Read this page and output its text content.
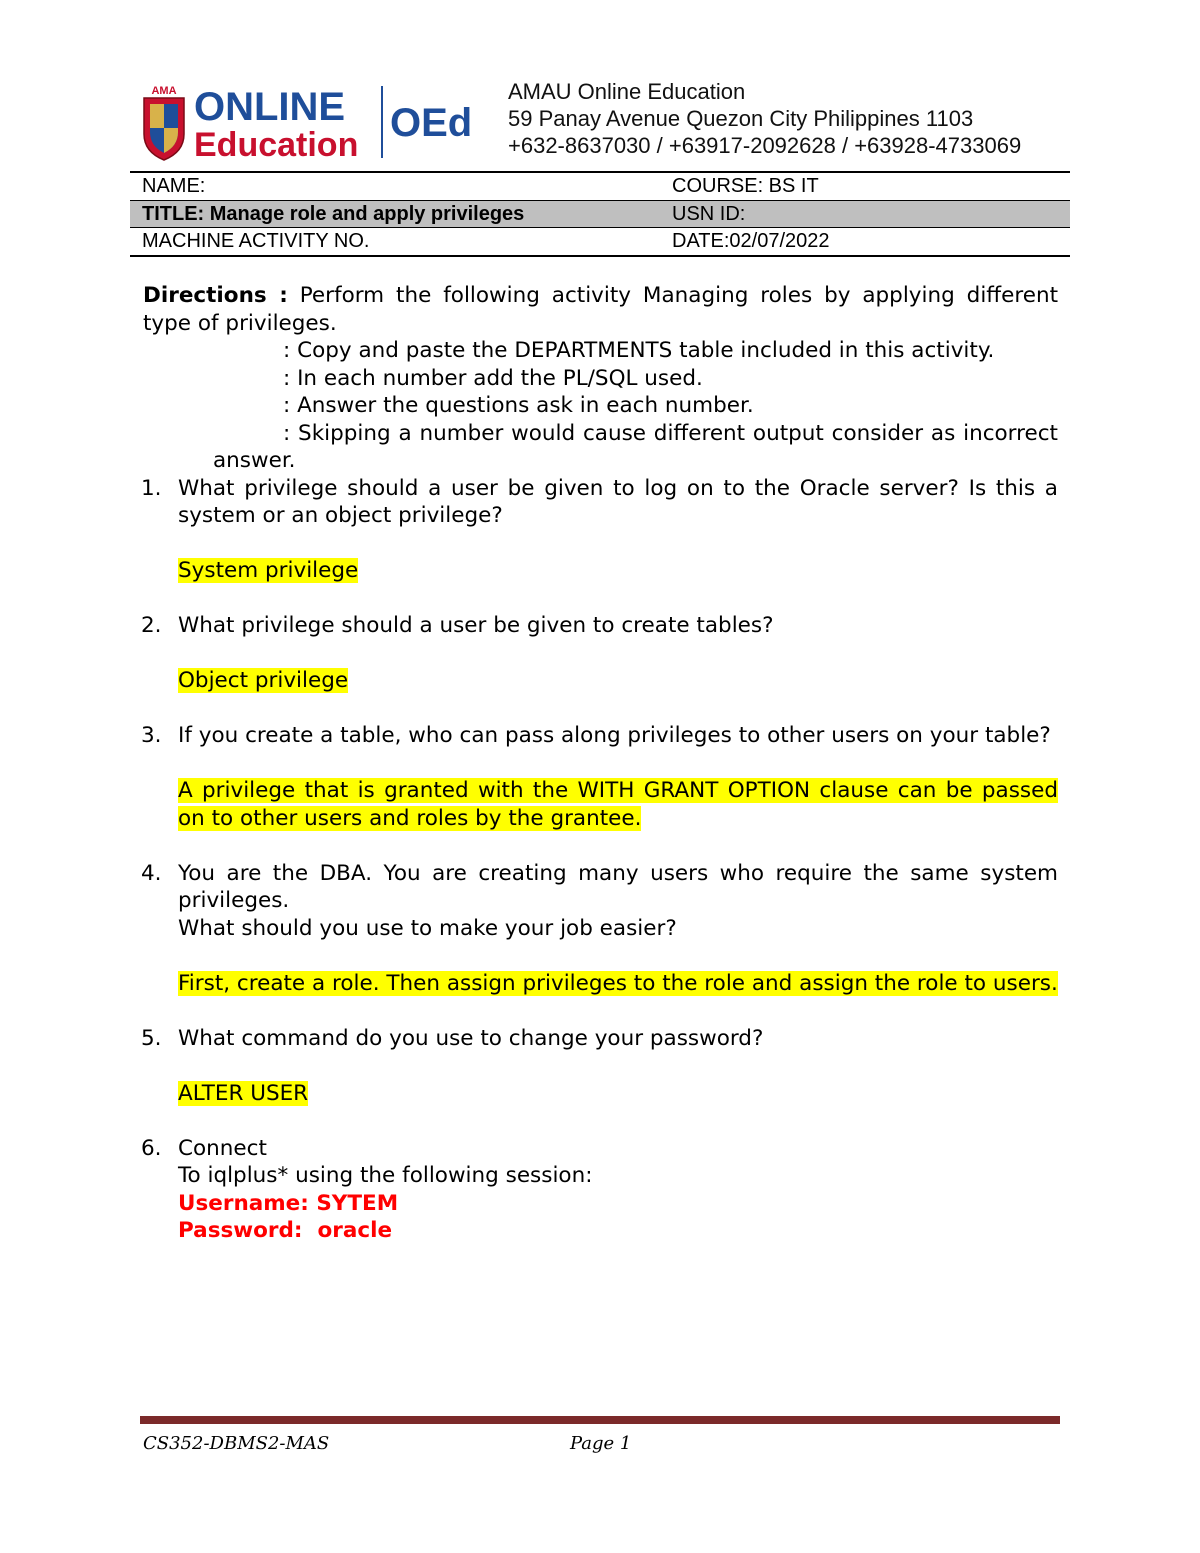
AMA ONLINE
Education OEd
AMAU Online Education
59 Panay Avenue Quezon City Philippines 1103
+632-8637030 / +63917-2092628 / +63928-4733069
NAME:	COURSE: BS IT
TITLE: Manage role and apply privileges	USN ID:
MACHINE ACTIVITY NO.	DATE:02/07/2022
Directions : Perform the following activity Managing roles by applying different type of privileges.
: Copy and paste the DEPARTMENTS table included in this activity.
: In each number add the PL/SQL used.
: Answer the questions ask in each number.
: Skipping a number would cause different output consider as incorrect answer.
1. What privilege should a user be given to log on to the Oracle server? Is this a system or an object privilege?
System privilege
2. What privilege should a user be given to create tables?
Object privilege
3. If you create a table, who can pass along privileges to other users on your table?
A privilege that is granted with the WITH GRANT OPTION clause can be passed on to other users and roles by the grantee.
4. You are the DBA. You are creating many users who require the same system privileges.
What should you use to make your job easier?
First, create a role. Then assign privileges to the role and assign the role to users.
5. What command do you use to change your password?
ALTER USER
6. Connect
To iqlplus* using the following session:
Username: SYTEM
Password:  oracle
CS352-DBMS2-MAS	Page 1
